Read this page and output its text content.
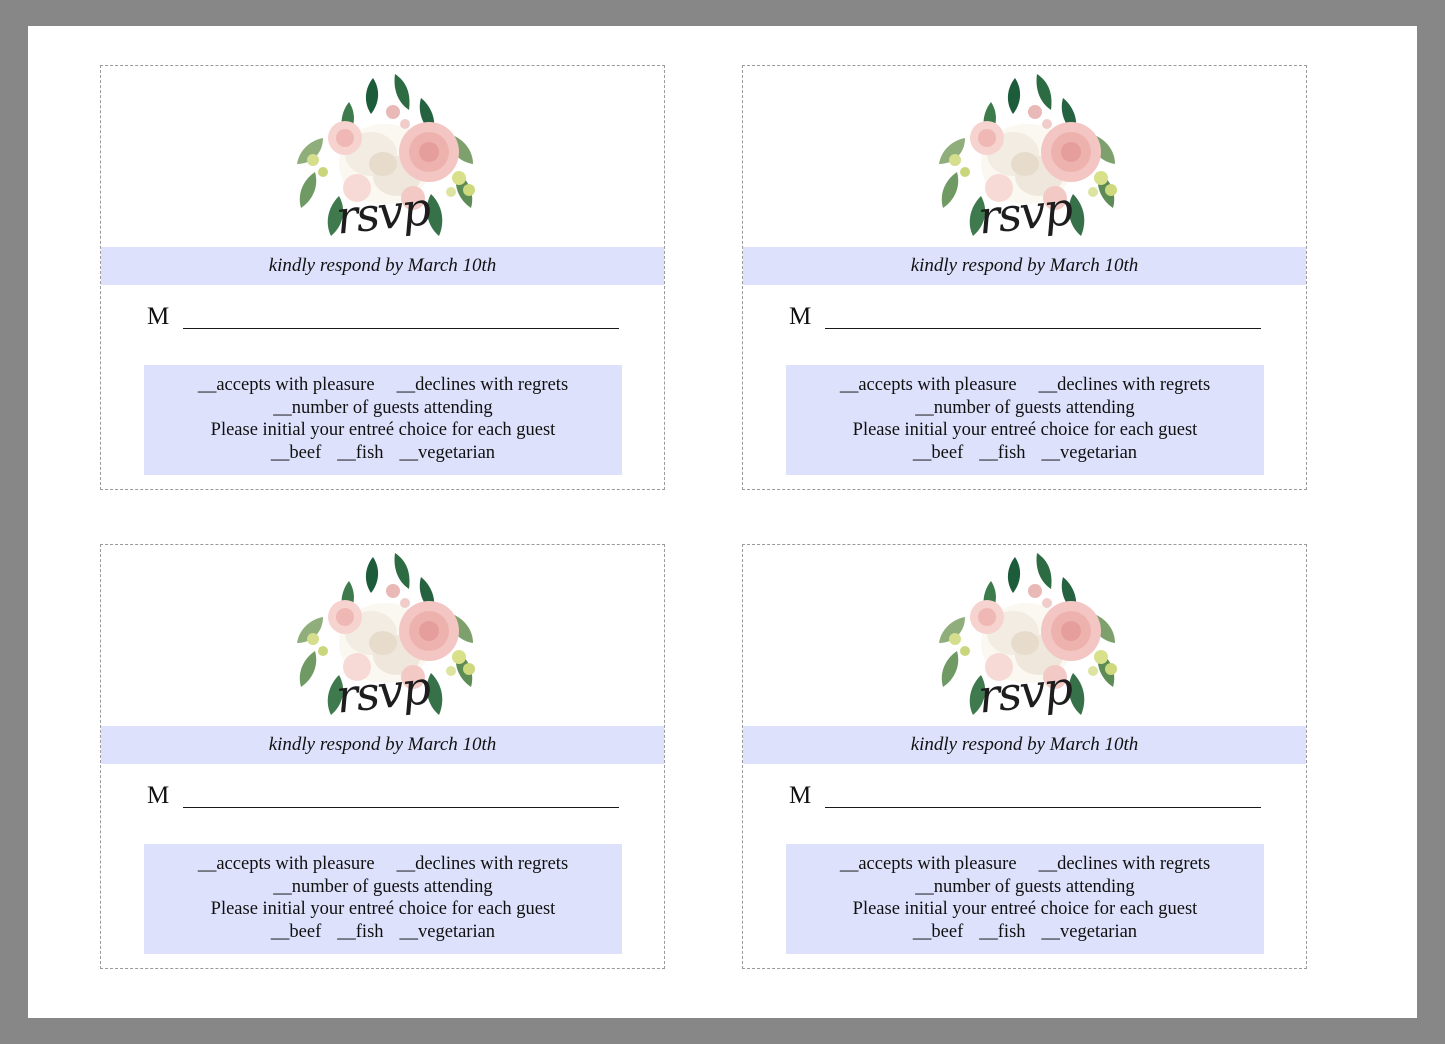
rsvp
kindly respond by March 10th
M
__accepts with pleasure __declines with regrets
__number of guests attending
Please initial your entreé choice for each guest
__beef __fish __vegetarian
rsvp
kindly respond by March 10th
M
__accepts with pleasure __declines with regrets
__number of guests attending
Please initial your entreé choice for each guest
__beef __fish __vegetarian
rsvp
kindly respond by March 10th
M
__accepts with pleasure __declines with regrets
__number of guests attending
Please initial your entreé choice for each guest
__beef __fish __vegetarian
rsvp
kindly respond by March 10th
M
__accepts with pleasure __declines with regrets
__number of guests attending
Please initial your entreé choice for each guest
__beef __fish __vegetarian
